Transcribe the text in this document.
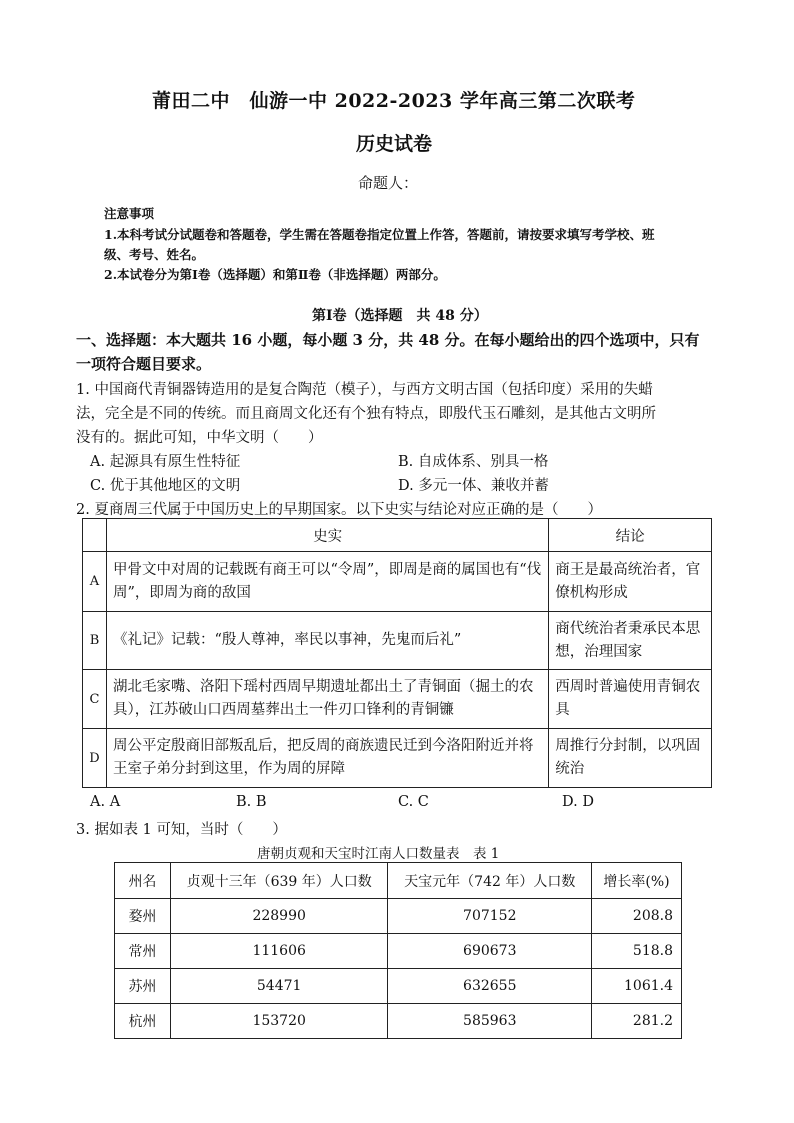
莆田二中　仙游一中 2022-2023 学年高三第二次联考
历史试卷
命题人：
注意事项
1.本科考试分试题卷和答题卷，学生需在答题卷指定位置上作答，答题前，请按要求填写考学校、班
级、考号、姓名。
2.本试卷分为第Ⅰ卷（选择题）和第Ⅱ卷（非选择题）两部分。
第Ⅰ卷（选择题　共 48 分）
一、选择题：本大题共 16 小题，每小题 3 分，共 48 分。在每小题给出的四个选项中，只有
一项符合题目要求。
1. 中国商代青铜器铸造用的是复合陶范（模子），与西方文明古国（包括印度）采用的失蜡
法，完全是不同的传统。而且商周文化还有个独有特点，即殷代玉石雕刻，是其他古文明所
没有的。据此可知，中华文明（　　）
A. 起源具有原生性特征	B. 自成体系、别具一格
C. 优于其他地区的文明	D. 多元一体、兼收并蓄
2. 夏商周三代属于中国历史上的早期国家。以下史实与结论对应正确的是（　　）
	史实	结论
A	甲骨文中对周的记载既有商王可以“令周”，即周是商的属国也有“伐周”，即周为商的敌国	商王是最高统治者，官僚机构形成
B	《礼记》记载：“殷人尊神，率民以事神，先鬼而后礼”	商代统治者秉承民本思想，治理国家
C	湖北毛家嘴、洛阳下瑶村西周早期遗址都出土了青铜面（掘土的农具），江苏破山口西周墓葬出土一件刃口锋利的青铜镰	西周时普遍使用青铜农具
D	周公平定殷商旧部叛乱后，把反周的商族遗民迁到今洛阳附近并将王室子弟分封到这里，作为周的屏障	周推行分封制，以巩固统治
A. A	B. B	C. C	D. D
3. 据如表 1 可知，当时（　　）
唐朝贞观和天宝时江南人口数量表　表 1
州名	贞观十三年（639 年）人口数	天宝元年（742 年）人口数	增长率(%)
婺州	228990	707152	208.8
常州	111606	690673	518.8
苏州	54471	632655	1061.4
杭州	153720	585963	281.2
